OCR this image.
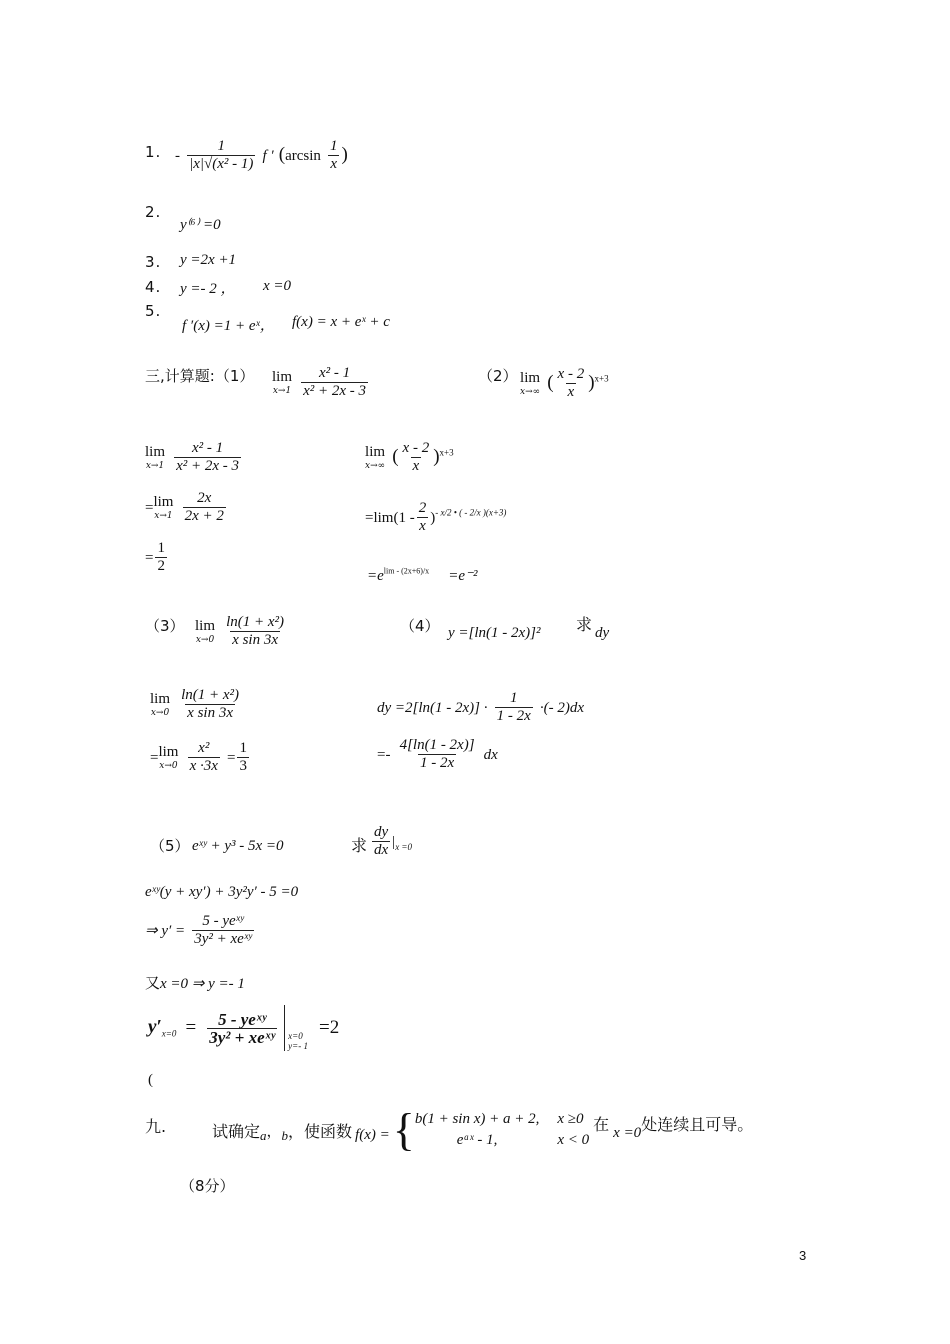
1. - $\frac{1}{\text{|x|√(x² - 1)}}$ f ′ ($\arcsin \frac{1}{x}$ )
2.
y⁽⁶⁾ =0
3. y =2x +1
4. y =- 2 ， x =0
5.
f ′(x) =1 + eˣ， f(x) = x + eˣ + c
三,计算题:（1） lim
x→1
$\frac{\text{x² - 1}}{\text{x² + 2x - 3}}$	（2） lim
x→∞ ( $\frac{x - 2}{x} )^{x+3}$
lim
x→1
$\frac{\text{x² - 1}}{\text{x² + 2x - 3}}$
= lim
x→1
$\frac{2x}{2x + 2}$
= $\frac{1}{2}$
lim
x→∞ ( $\frac{x - 2}{x} )^{x+3}$
$=\lim(1 - \frac{2}{x} )^{- x/2 • ( - 2/x )(x+3)}$
$=e^{lim - (2x+6)/x} =e^{-2}$
（3） lim
x→0
$\frac{\text{ln(1 + x²)}}{\text{x sin 3x}}$	（4） y =[ln(1 - 2x)]² 求 dy
lim
x→0
$\frac{\text{ln(1 + x²)}}{\text{x sin 3x}}$
= lim
x→0
$\frac{\text{x²}}{x \cdot 3x} = \frac{1}{3}$
dy $=2[\ln(1 - 2x)] \cdot \frac{1}{1 - 2x}$ ·(- 2)dx
=- $\frac{4[\ln(1 - 2x)]}{1 - 2x}$ dx
（5） eˣʸ + y³ - 5x =0	求 $\frac{dy}{dx} |_{x =0}$
eˣʸ(y + xy′) + 3y²y′ - 5 =0
⇒ $y' = \frac{\text{5 - yeˣʸ}}{\text{3y² + xeˣʸ}}$
又x =0 ⇒ y =- 1
$y'_{x=0} = \frac{\text{5 - yeˣʸ}}{\text{3y² + xeˣʸ}}$
x=0
y=- 1
=2
(
九.	试确定 a ， b ，使函数 f(x) = { b(1 + sin x) + a + 2, x ≥0
eᵃˣ - 1,	x < 0
在 x =0 处连续且可导。
（8分）
3
